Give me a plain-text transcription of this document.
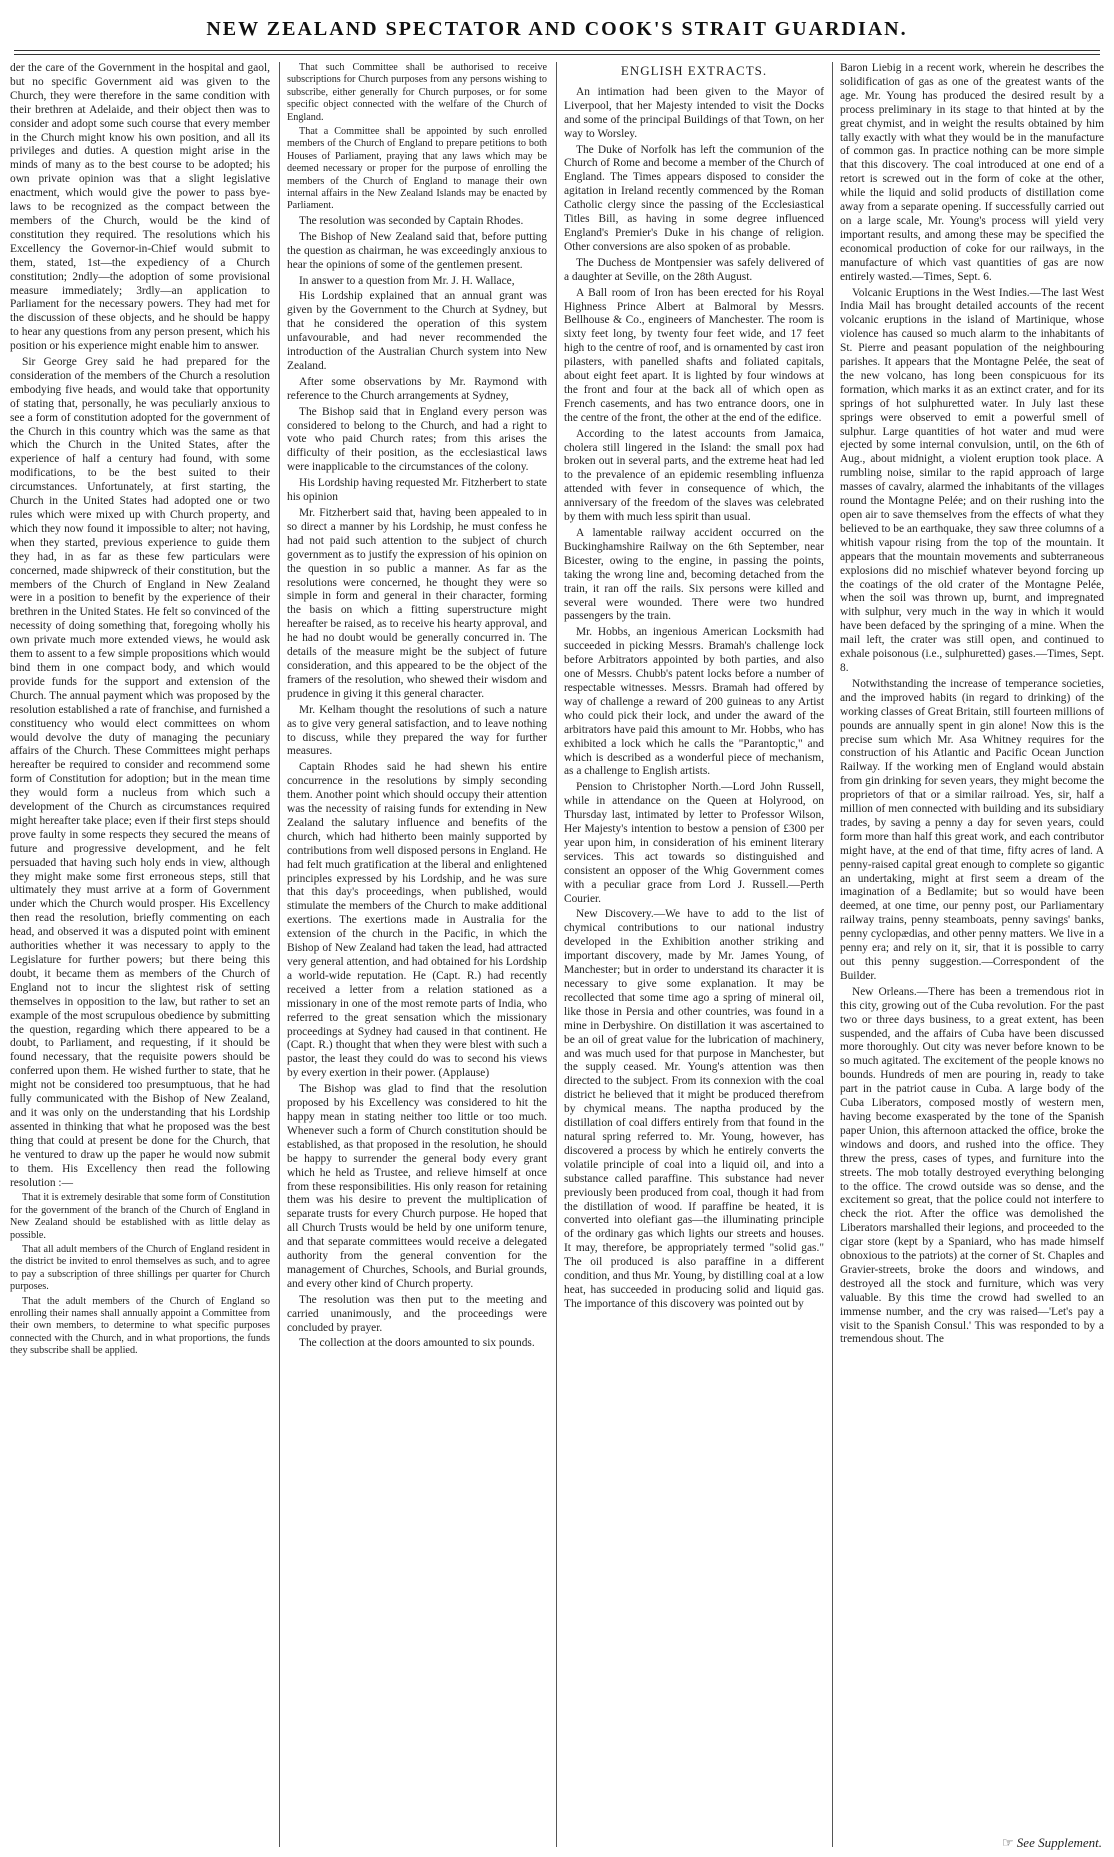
NEW ZEALAND SPECTATOR AND COOK'S STRAIT GUARDIAN.

der the care of the Government in the hospital and gaol, but no specific Government aid was given to the Church, they were therefore in the same condition with their brethren at Adelaide, and their object then was to consider and adopt some such course that every member in the Church might know his own position, and all its privileges and duties. A question might arise in the minds of many as to the best course to be adopted; his own private opinion was that a slight legislative enactment, which would give the power to pass bye-laws to be recognized as the compact between the members of the Church, would be the kind of constitution they required. The resolutions which his Excellency the Governor-in-Chief would submit to them, stated, 1st—the expediency of a Church constitution; 2ndly—the adoption of some provisional measure immediately; 3rdly—an application to Parliament for the necessary powers. They had met for the discussion of these objects, and he should be happy to hear any questions from any person present, which his position or his experience might enable him to answer.

Sir George Grey said he had prepared for the consideration of the members of the Church a resolution embodying five heads, and would take that opportunity of stating that, personally, he was peculiarly anxious to see a form of constitution adopted for the government of the Church in this country which was the same as that which the Church in the United States, after the experience of half a century had found, with some modifications, to be the best suited to their circumstances. Unfortunately, at first starting, the Church in the United States had adopted one or two rules which were mixed up with Church property, and which they now found it impossible to alter; not having, when they started, previous experience to guide them they had, in as far as these few particulars were concerned, made shipwreck of their constitution, but the members of the Church of England in New Zealand were in a position to benefit by the experience of their brethren in the United States. He felt so convinced of the necessity of doing something that, foregoing wholly his own private much more extended views, he would ask them to assent to a few simple propositions which would bind them in one compact body, and which would provide funds for the support and extension of the Church. The annual payment which was proposed by the resolution established a rate of franchise, and furnished a constituency who would elect committees on whom would devolve the duty of managing the pecuniary affairs of the Church. These Committees might perhaps hereafter be required to consider and recommend some form of Constitution for adoption; but in the mean time they would form a nucleus from which such a development of the Church as circumstances required might hereafter take place; even if their first steps should prove faulty in some respects they secured the means of future and progressive development, and he felt persuaded that having such holy ends in view, although they might make some first erroneous steps, still that ultimately they must arrive at a form of Government under which the Church would prosper. His Excellency then read the resolution, briefly commenting on each head, and observed it was a disputed point with eminent authorities whether it was necessary to apply to the Legislature for further powers; but there being this doubt, it became them as members of the Church of England not to incur the slightest risk of setting themselves in opposition to the law, but rather to set an example of the most scrupulous obedience by submitting the question, regarding which there appeared to be a doubt, to Parliament, and requesting, if it should be found necessary, that the requisite powers should be conferred upon them. He wished further to state, that he might not be considered too presumptuous, that he had fully communicated with the Bishop of New Zealand, and it was only on the understanding that his Lordship assented in thinking that what he proposed was the best thing that could at present be done for the Church, that he ventured to draw up the paper he would now submit to them. His Excellency then read the following resolution :—

That it is extremely desirable that some form of Constitution for the government of the branch of the Church of England in New Zealand should be established with as little delay as possible.

That all adult members of the Church of England resident in the district be invited to enrol themselves as such, and to agree to pay a subscription of three shillings per quarter for Church purposes.

That the adult members of the Church of England so enrolling their names shall annually appoint a Committee from their own members, to determine to what specific purposes connected with the Church, and in what proportions, the funds they subscribe shall be applied.

That such Committee shall be authorised to receive subscriptions for Church purposes from any persons wishing to subscribe, either generally for Church purposes, or for some specific object connected with the welfare of the Church of England.

That a Committee shall be appointed by such enrolled members of the Church of England to prepare petitions to both Houses of Parliament, praying that any laws which may be deemed necessary or proper for the purpose of enrolling the members of the Church of England to manage their own internal affairs in the New Zealand Islands may be enacted by Parliament.

The resolution was seconded by Captain Rhodes.

The Bishop of New Zealand said that, before putting the question as chairman, he was exceedingly anxious to hear the opinions of some of the gentlemen present.

In answer to a question from Mr. J. H. Wallace,

His Lordship explained that an annual grant was given by the Government to the Church at Sydney, but that he considered the operation of this system unfavourable, and had never recommended the introduction of the Australian Church system into New Zealand.

After some observations by Mr. Raymond with reference to the Church arrangements at Sydney,

The Bishop said that in England every person was considered to belong to the Church, and had a right to vote who paid Church rates; from this arises the difficulty of their position, as the ecclesiastical laws were inapplicable to the circumstances of the colony.

His Lordship having requested Mr. Fitzherbert to state his opinion

Mr. Fitzherbert said that, having been appealed to in so direct a manner by his Lordship, he must confess he had not paid such attention to the subject of church government as to justify the expression of his opinion on the question in so public a manner. As far as the resolutions were concerned, he thought they were so simple in form and general in their character, forming the basis on which a fitting superstructure might hereafter be raised, as to receive his hearty approval, and he had no doubt would be generally concurred in. The details of the measure might be the subject of future consideration, and this appeared to be the object of the framers of the resolution, who shewed their wisdom and prudence in giving it this general character.

Mr. Kelham thought the resolutions of such a nature as to give very general satisfaction, and to leave nothing to discuss, while they prepared the way for further measures.

Captain Rhodes said he had shewn his entire concurrence in the resolutions by simply seconding them. Another point which should occupy their attention was the necessity of raising funds for extending in New Zealand the salutary influence and benefits of the church, which had hitherto been mainly supported by contributions from well disposed persons in England. He had felt much gratification at the liberal and enlightened principles expressed by his Lordship, and he was sure that this day's proceedings, when published, would stimulate the members of the Church to make additional exertions. The exertions made in Australia for the extension of the church in the Pacific, in which the Bishop of New Zealand had taken the lead, had attracted very general attention, and had obtained for his Lordship a world-wide reputation. He (Capt. R.) had recently received a letter from a relation stationed as a missionary in one of the most remote parts of India, who referred to the great sensation which the missionary proceedings at Sydney had caused in that continent. He (Capt. R.) thought that when they were blest with such a pastor, the least they could do was to second his views by every exertion in their power. (Applause)

The Bishop was glad to find that the resolution proposed by his Excellency was considered to hit the happy mean in stating neither too little or too much. Whenever such a form of Church constitution should be established, as that proposed in the resolution, he should be happy to surrender the general body every grant which he held as Trustee, and relieve himself at once from these responsibilities. His only reason for retaining them was his desire to prevent the multiplication of separate trusts for every Church purpose. He hoped that all Church Trusts would be held by one uniform tenure, and that separate committees would receive a delegated authority from the general convention for the management of Churches, Schools, and Burial grounds, and every other kind of Church property.

The resolution was then put to the meeting and carried unanimously, and the proceedings were concluded by prayer.

The collection at the doors amounted to six pounds.

ENGLISH EXTRACTS.

An intimation had been given to the Mayor of Liverpool, that her Majesty intended to visit the Docks and some of the principal Buildings of that Town, on her way to Worsley.

The Duke of Norfolk has left the communion of the Church of Rome and become a member of the Church of England. The Times appears disposed to consider the agitation in Ireland recently commenced by the Roman Catholic clergy since the passing of the Ecclesiastical Titles Bill, as having in some degree influenced England's Premier's Duke in his change of religion. Other conversions are also spoken of as probable.

The Duchess de Montpensier was safely delivered of a daughter at Seville, on the 28th August.

A Ball room of Iron has been erected for his Royal Highness Prince Albert at Balmoral by Messrs. Bellhouse & Co., engineers of Manchester. The room is sixty feet long, by twenty four feet wide, and 17 feet high to the centre of roof, and is ornamented by cast iron pilasters, with panelled shafts and foliated capitals, about eight feet apart. It is lighted by four windows at the front and four at the back all of which open as French casements, and has two entrance doors, one in the centre of the front, the other at the end of the edifice.

According to the latest accounts from Jamaica, cholera still lingered in the Island: the small pox had broken out in several parts, and the extreme heat had led to the prevalence of an epidemic resembling influenza attended with fever in consequence of which, the anniversary of the freedom of the slaves was celebrated by them with much less spirit than usual.

A lamentable railway accident occurred on the Buckinghamshire Railway on the 6th September, near Bicester, owing to the engine, in passing the points, taking the wrong line and, becoming detached from the train, it ran off the rails. Six persons were killed and several were wounded. There were two hundred passengers by the train.

Mr. Hobbs, an ingenious American Locksmith had succeeded in picking Messrs. Bramah's challenge lock before Arbitrators appointed by both parties, and also one of Messrs. Chubb's patent locks before a number of respectable witnesses. Messrs. Bramah had offered by way of challenge a reward of 200 guineas to any Artist who could pick their lock, and under the award of the arbitrators have paid this amount to Mr. Hobbs, who has exhibited a lock which he calls the "Parantoptic," and which is described as a wonderful piece of mechanism, as a challenge to English artists.

Pension to Christopher North.—Lord John Russell, while in attendance on the Queen at Holyrood, on Thursday last, intimated by letter to Professor Wilson, Her Majesty's intention to bestow a pension of £300 per year upon him, in consideration of his eminent literary services. This act towards so distinguished and consistent an opposer of the Whig Government comes with a peculiar grace from Lord J. Russell.—Perth Courier.

New Discovery.—We have to add to the list of chymical contributions to our national industry developed in the Exhibition another striking and important discovery, made by Mr. James Young, of Manchester; but in order to understand its character it is necessary to give some explanation. It may be recollected that some time ago a spring of mineral oil, like those in Persia and other countries, was found in a mine in Derbyshire. On distillation it was ascertained to be an oil of great value for the lubrication of machinery, and was much used for that purpose in Manchester, but the supply ceased. Mr. Young's attention was then directed to the subject. From its connexion with the coal district he believed that it might be produced therefrom by chymical means. The naptha produced by the distillation of coal differs entirely from that found in the natural spring referred to. Mr. Young, however, has discovered a process by which he entirely converts the volatile principle of coal into a liquid oil, and into a substance called paraffine. This substance had never previously been produced from coal, though it had from the distillation of wood. If paraffine be heated, it is converted into olefiant gas—the illuminating principle of the ordinary gas which lights our streets and houses. It may, therefore, be appropriately termed "solid gas." The oil produced is also paraffine in a different condition, and thus Mr. Young, by distilling coal at a low heat, has succeeded in producing solid and liquid gas. The importance of this discovery was pointed out by

Baron Liebig in a recent work, wherein he describes the solidification of gas as one of the greatest wants of the age. Mr. Young has produced the desired result by a process preliminary in its stage to that hinted at by the great chymist, and in weight the results obtained by him tally exactly with what they would be in the manufacture of common gas. In practice nothing can be more simple that this discovery. The coal introduced at one end of a retort is screwed out in the form of coke at the other, while the liquid and solid products of distillation come away from a separate opening. If successfully carried out on a large scale, Mr. Young's process will yield very important results, and among these may be specified the economical production of coke for our railways, in the manufacture of which vast quantities of gas are now entirely wasted.—Times, Sept. 6.

Volcanic Eruptions in the West Indies.—The last West India Mail has brought detailed accounts of the recent volcanic eruptions in the island of Martinique, whose violence has caused so much alarm to the inhabitants of St. Pierre and peasant population of the neighbouring parishes. It appears that the Montagne Pelée, the seat of the new volcano, has long been conspicuous for its formation, which marks it as an extinct crater, and for its springs of hot sulphuretted water. In July last these springs were observed to emit a powerful smell of sulphur. Large quantities of hot water and mud were ejected by some internal convulsion, until, on the 6th of Aug., about midnight, a violent eruption took place. A rumbling noise, similar to the rapid approach of large masses of cavalry, alarmed the inhabitants of the villages round the Montagne Pelée; and on their rushing into the open air to save themselves from the effects of what they believed to be an earthquake, they saw three columns of a whitish vapour rising from the top of the mountain. It appears that the mountain movements and subterraneous explosions did no mischief whatever beyond forcing up the coatings of the old crater of the Montagne Pelée, when the soil was thrown up, burnt, and impregnated with sulphur, very much in the way in which it would have been defaced by the springing of a mine. When the mail left, the crater was still open, and continued to exhale poisonous (i.e., sulphuretted) gases.—Times, Sept. 8.

Notwithstanding the increase of temperance societies, and the improved habits (in regard to drinking) of the working classes of Great Britain, still fourteen millions of pounds are annually spent in gin alone! Now this is the precise sum which Mr. Asa Whitney requires for the construction of his Atlantic and Pacific Ocean Junction Railway. If the working men of England would abstain from gin drinking for seven years, they might become the proprietors of that or a similar railroad. Yes, sir, half a million of men connected with building and its subsidiary trades, by saving a penny a day for seven years, could form more than half this great work, and each contributor might have, at the end of that time, fifty acres of land. A penny-raised capital great enough to complete so gigantic an undertaking, might at first seem a dream of the imagination of a Bedlamite; but so would have been deemed, at one time, our penny post, our Parliamentary railway trains, penny steamboats, penny savings' banks, penny cyclopædias, and other penny matters. We live in a penny era; and rely on it, sir, that it is possible to carry out this penny suggestion.—Correspondent of the Builder.

New Orleans.—There has been a tremendous riot in this city, growing out of the Cuba revolution. For the past two or three days business, to a great extent, has been suspended, and the affairs of Cuba have been discussed more thoroughly. Out city was never before known to be so much agitated. The excitement of the people knows no bounds. Hundreds of men are pouring in, ready to take part in the patriot cause in Cuba. A large body of the Cuba Liberators, composed mostly of western men, having become exasperated by the tone of the Spanish paper Union, this afternoon attacked the office, broke the windows and doors, and rushed into the office. They threw the press, cases of types, and furniture into the streets. The mob totally destroyed everything belonging to the office. The crowd outside was so dense, and the excitement so great, that the police could not interfere to check the riot. After the office was demolished the Liberators marshalled their legions, and proceeded to the cigar store (kept by a Spaniard, who has made himself obnoxious to the patriots) at the corner of St. Chaples and Gravier-streets, broke the doors and windows, and destroyed all the stock and furniture, which was very valuable. By this time the crowd had swelled to an immense number, and the cry was raised—'Let's pay a visit to the Spanish Consul.' This was responded to by a tremendous shout. The

☞ See Supplement.
